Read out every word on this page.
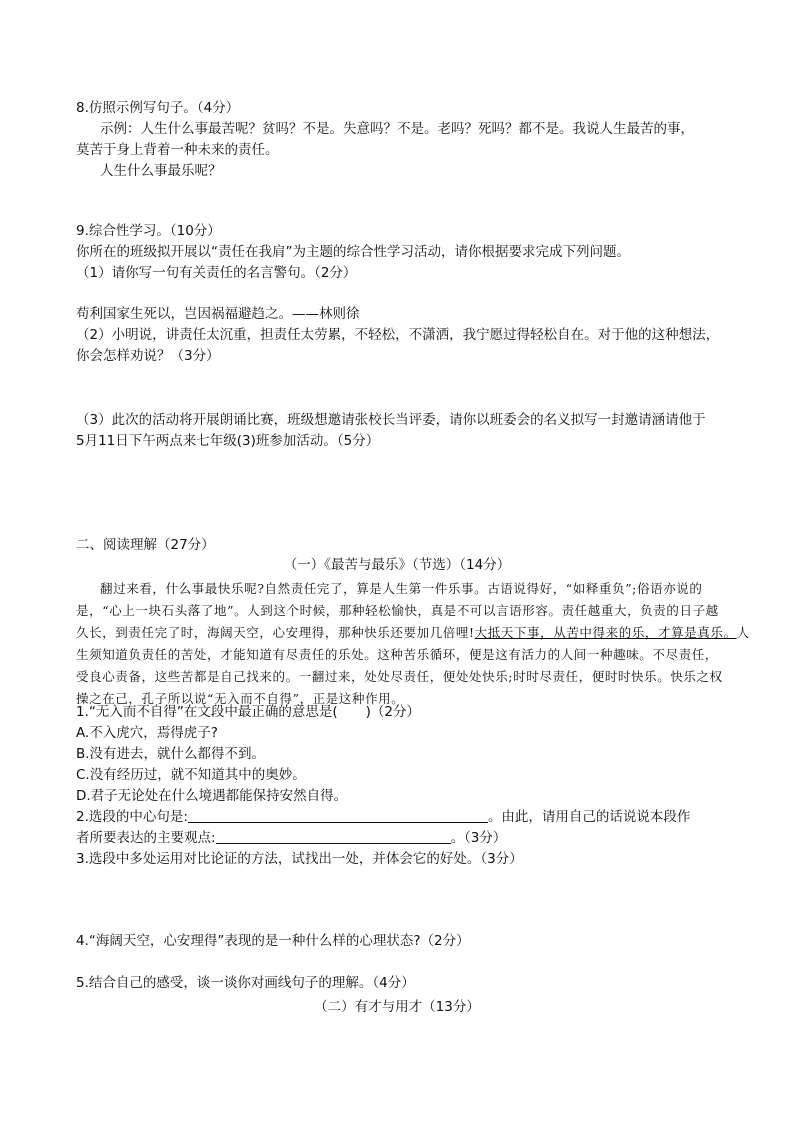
8.仿照示例写句子。（4分）
示例：人生什么事最苦呢？贫吗？不是。失意吗？不是。老吗？死吗？都不是。我说人生最苦的事，
莫苦于身上背着一种未来的责任。
人生什么事最乐呢？
9.综合性学习。（10分）
你所在的班级拟开展以“责任在我肩”为主题的综合性学习活动，请你根据要求完成下列问题。
（1）请你写一句有关责任的名言警句。（2分）
苟利国家生死以，岂因祸福避趋之。——林则徐
（2）小明说，讲责任太沉重，担责任太劳累，不轻松，不潇洒，我宁愿过得轻松自在。对于他的这种想法，
你会怎样劝说？（3分）
（3）此次的活动将开展朗诵比赛，班级想邀请张校长当评委，请你以班委会的名义拟写一封邀请涵请他于
5月11日下午两点来七年级(3)班参加活动。（5分）
二、阅读理解（27分）
（一）《最苦与最乐》（节选）（14分）
翻过来看，什么事最快乐呢?自然责任完了，算是人生第一件乐事。古语说得好，“如释重负”;俗语亦说的
是，“心上一块石头落了地”。人到这个时候，那种轻松愉快，真是不可以言语形容。责任越重大，负责的日子越
久长，到责任完了时，海阔天空，心安理得，那种快乐还要加几倍哩!大抵天下事，从苦中得来的乐，才算是真乐。人
生须知道负责任的苦处，才能知道有尽责任的乐处。这种苦乐循环，便是这有活力的人间一种趣味。不尽责任，
受良心责备，这些苦都是自己找来的。一翻过来，处处尽责任，便处处快乐;时时尽责任，便时时快乐。快乐之权
操之在己，孔子所以说“无入而不自得”，正是这种作用。
1.“无入而不自得”在文段中最正确的意思是( )（2分）
A.不入虎穴，焉得虎子?
B.没有进去，就什么都得不到。
C.没有经历过，就不知道其中的奥妙。
D.君子无论处在什么境遇都能保持安然自得。
2.选段的中心句是:	。由此，请用自己的话说说本段作
者所要表达的主要观点:	。（3分）
3.选段中多处运用对比论证的方法，试找出一处，并体会它的好处。（3分）
4.“海阔天空，心安理得”表现的是一种什么样的心理状态?（2分）
5.结合自己的感受，谈一谈你对画线句子的理解。（4分）
（二）有才与用才（13分）
